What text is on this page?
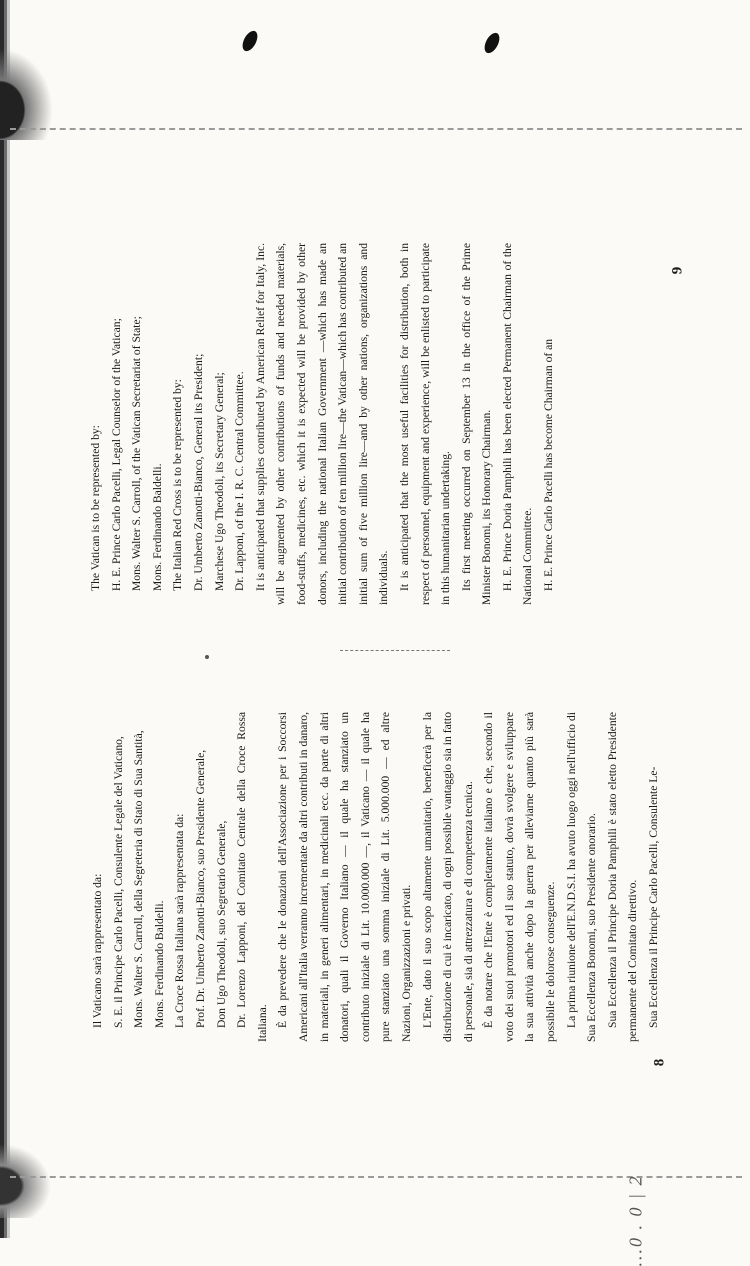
8
9
...0 . 0 | 2

Il Vaticano sarà rappresentato da: S. E. il Principe Carlo Pacelli, Consulente Legale del Vaticano, Mons. Walter S. Carroll, della Segreteria di Stato di Sua Santità, Mons. Ferdinando Baldelli. La Croce Rossa Italiana sarà rappresentata da: Prof. Dr. Umberto Zanotti-Bianco, suo Presidente Generale, Don Ugo Theodoli, suo Segretario Generale, Dr. Lorenzo Lapponi, del Comitato Centrale della Croce Rossa Italiana. È da prevedere che le donazioni dell'Associazione per i Soccorsi Americani all'Italia verranno incrementate da altri contributi in danaro, in materiali, in generi alimentari, in medicinali ecc. da parte di altri donatori, quali il Governo Italiano — il quale ha stanziato un contributo iniziale di Lit. 10.000.000 —, il Vaticano — il quale ha pure stanziato una somma iniziale di Lit. 5.000.000 — ed altre Nazioni, Organizzazioni e privati. L'Ente, dato il suo scopo altamente umanitario, beneficerà per la distribuzione di cui è incaricato, di ogni possibile vantaggio sia in fatto di personale, sia di attrezzatura e di competenza tecnica. È da notare che l'Ente è completamente italiano e che, secondo il voto dei suoi promotori ed il suo statuto, dovrà svolgere e sviluppare la sua attività anche dopo la guerra per alleviarne quanto più sarà possibile le dolorose conseguenze. La prima riunione dell'E.N.D.S.I. ha avuto luogo oggi nell'ufficio di Sua Eccellenza Bonomi, suo Presidente onorario. Sua Eccellenza il Principe Doria Pamphili è stato eletto Presidente permanente del Comitato direttivo. Sua Eccellenza il Principe Carlo Pacelli, Consulente Le-

The Vatican is to be represented by: H. E. Prince Carlo Pacelli, Legal Counselor of the Vatican; Mons. Walter S. Carroll, of the Vatican Secretariat of State; Mons. Ferdinando Baldelli. The Italian Red Cross is to be represented by: Dr. Umberto Zanotti-Bianco, General its President; Marchese Ugo Theodoli, its Secretary General; Dr. Lapponi, of the I. R. C. Central Committee. It is anticipated that supplies contributed by American Relief for Italy, Inc. will be augmented by other contributions of funds and needed materials, food-stuffs, medicines, etc. which it is expected will be provided by other donors, including the national Italian Government —which has made an initial contribution of ten million lire—the Vatican—which has contributed an initial sum of five million lire—and by other nations, organizations and individuals. It is anticipated that the most useful facilities for distribution, both in respect of personnel, equipment and experience, will be enlisted to participate in this humanitarian undertaking. Its first meeting occurred on September 13 in the office of the Prime Minister Bonomi, its Honorary Chairman. H. E. Prince Doria Pamphili has been elected Permanent Chairman of the National Committee. H. E. Prince Carlo Pacelli has become Chairman of an
